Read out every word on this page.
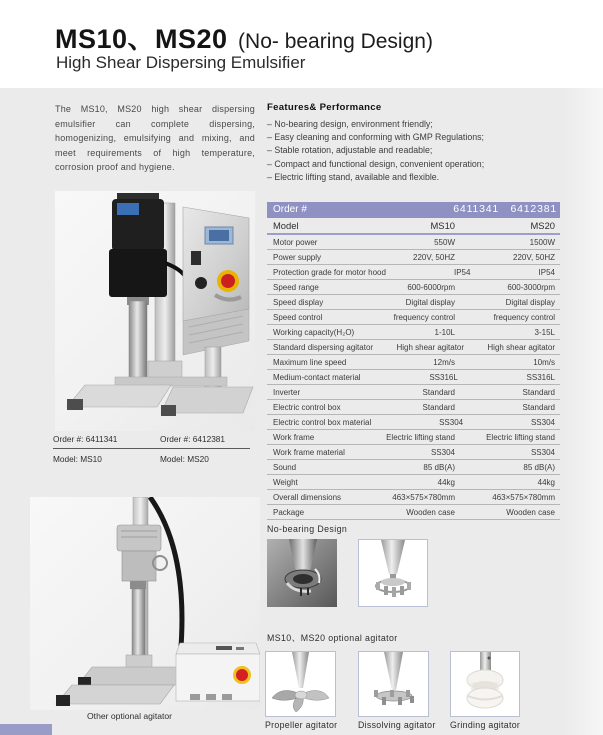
MS10、MS20 (No- bearing Design)
High Shear Dispersing Emulsifier
The MS10, MS20 high shear dispersing emulsifier can complete dispersing, homogenizing, emulsifying and mixing, and meet requirements of high temperature, corrosion proof and hygiene.
Order #: 6411341	Order #: 6412381
Model: MS10	Model: MS20
Other optional agitator
Features& Performance
– No-bearing design, environment friendly;
– Easy cleaning and conforming with GMP Regulations;
– Stable rotation, adjustable and readable;
– Compact and functional design, convenient operation;
– Electric lifting stand, available and flexible.
Order #	6411341 6412381
Model	MS10	MS20
Motor power	550W	1500W
Power supply	220V, 50HZ	220V, 50HZ
Protection grade for motor hood	IP54	IP54
Speed range	600-6000rpm	600-3000rpm
Speed display	Digital display	Digital display
Speed control	frequency control	frequency control
Working capacity(H₂O)	1-10L	3-15L
Standard dispersing agitator	High shear agitator	High shear agitator
Maximum line speed	12m/s	10m/s
Medium-contact material	SS316L	SS316L
Inverter	Standard	Standard
Electric control box	Standard	Standard
Electric control box material	SS304	SS304
Work frame	Electric lifting stand	Electric lifting stand
Work frame material	SS304	SS304
Sound	85 dB(A)	85 dB(A)
Weight	44kg	44kg
Overall dimensions	463×575×780mm	463×575×780mm
Package	Wooden case	Wooden case
No-bearing Design
MS10、MS20 optional agitator
Propeller agitator Dissolving agitator Grinding agitator
